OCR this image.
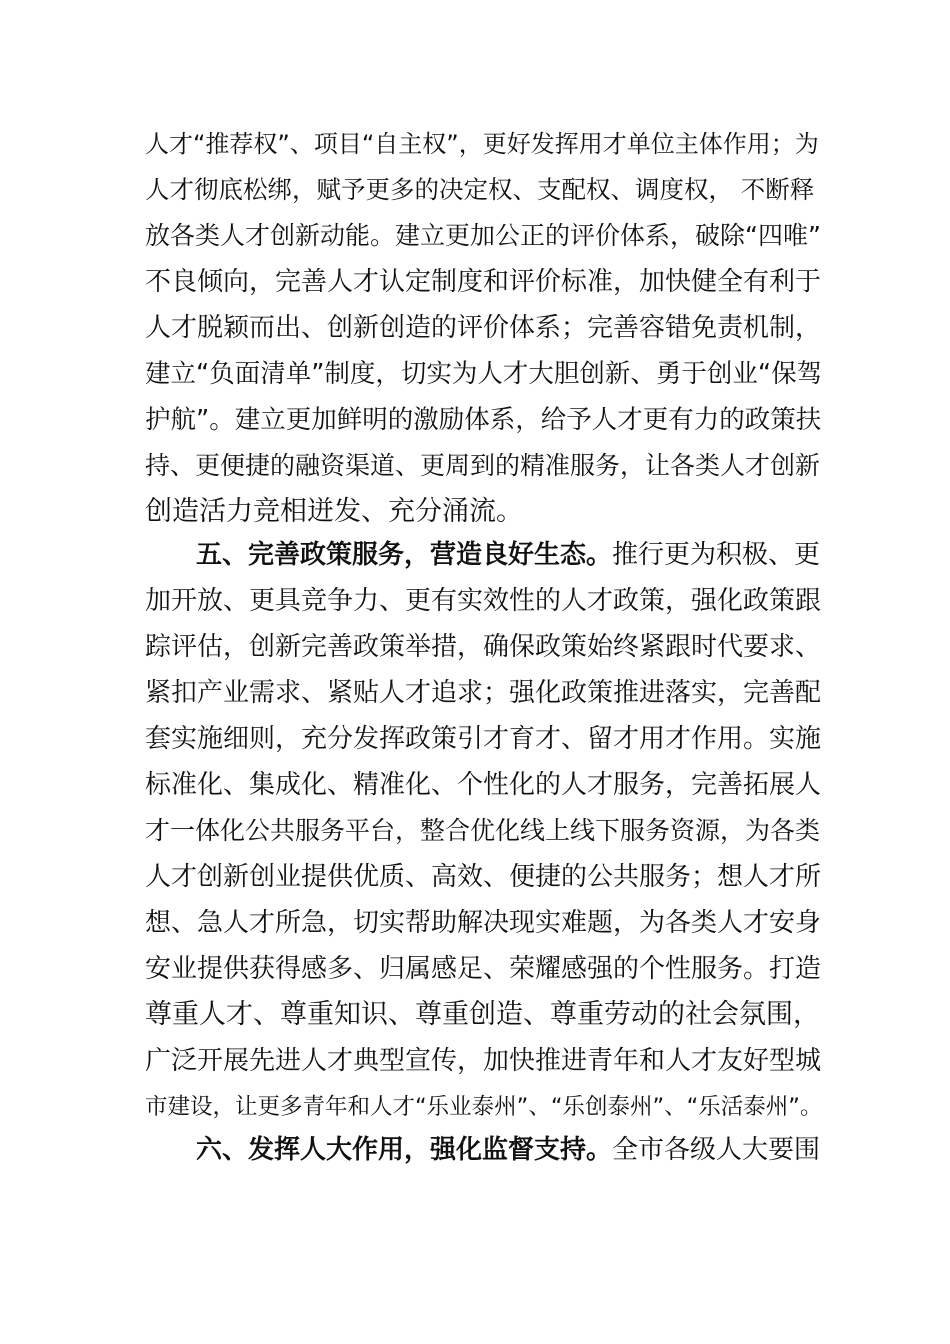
人才“推荐权”、项目“自主权”，更好发挥用才单位主体作用；为
人才彻底松绑，赋予更多的决定权、支配权、调度权， 不断释
放各类人才创新动能。建立更加公正的评价体系，破除“四唯”
不良倾向，完善人才认定制度和评价标准，加快健全有利于
人才脱颖而出、创新创造的评价体系；完善容错免责机制，
建立“负面清单”制度，切实为人才大胆创新、勇于创业“保驾
护航”。建立更加鲜明的激励体系，给予人才更有力的政策扶
持、更便捷的融资渠道、更周到的精准服务，让各类人才创新
创造活力竞相迸发、充分涌流。
五、完善政策服务，营造良好生态。推行更为积极、更
加开放、更具竞争力、更有实效性的人才政策，强化政策跟
踪评估，创新完善政策举措，确保政策始终紧跟时代要求、
紧扣产业需求、紧贴人才追求；强化政策推进落实，完善配
套实施细则，充分发挥政策引才育才、留才用才作用。实施
标准化、集成化、精准化、个性化的人才服务，完善拓展人
才一体化公共服务平台，整合优化线上线下服务资源，为各类
人才创新创业提供优质、高效、便捷的公共服务；想人才所
想、急人才所急，切实帮助解决现实难题，为各类人才安身
安业提供获得感多、归属感足、荣耀感强的个性服务。打造
尊重人才、尊重知识、尊重创造、尊重劳动的社会氛围，
广泛开展先进人才典型宣传，加快推进青年和人才友好型城
市建设，让更多青年和人才“乐业泰州”、“乐创泰州”、“乐活泰州”。
六、发挥人大作用，强化监督支持。全市各级人大要围
